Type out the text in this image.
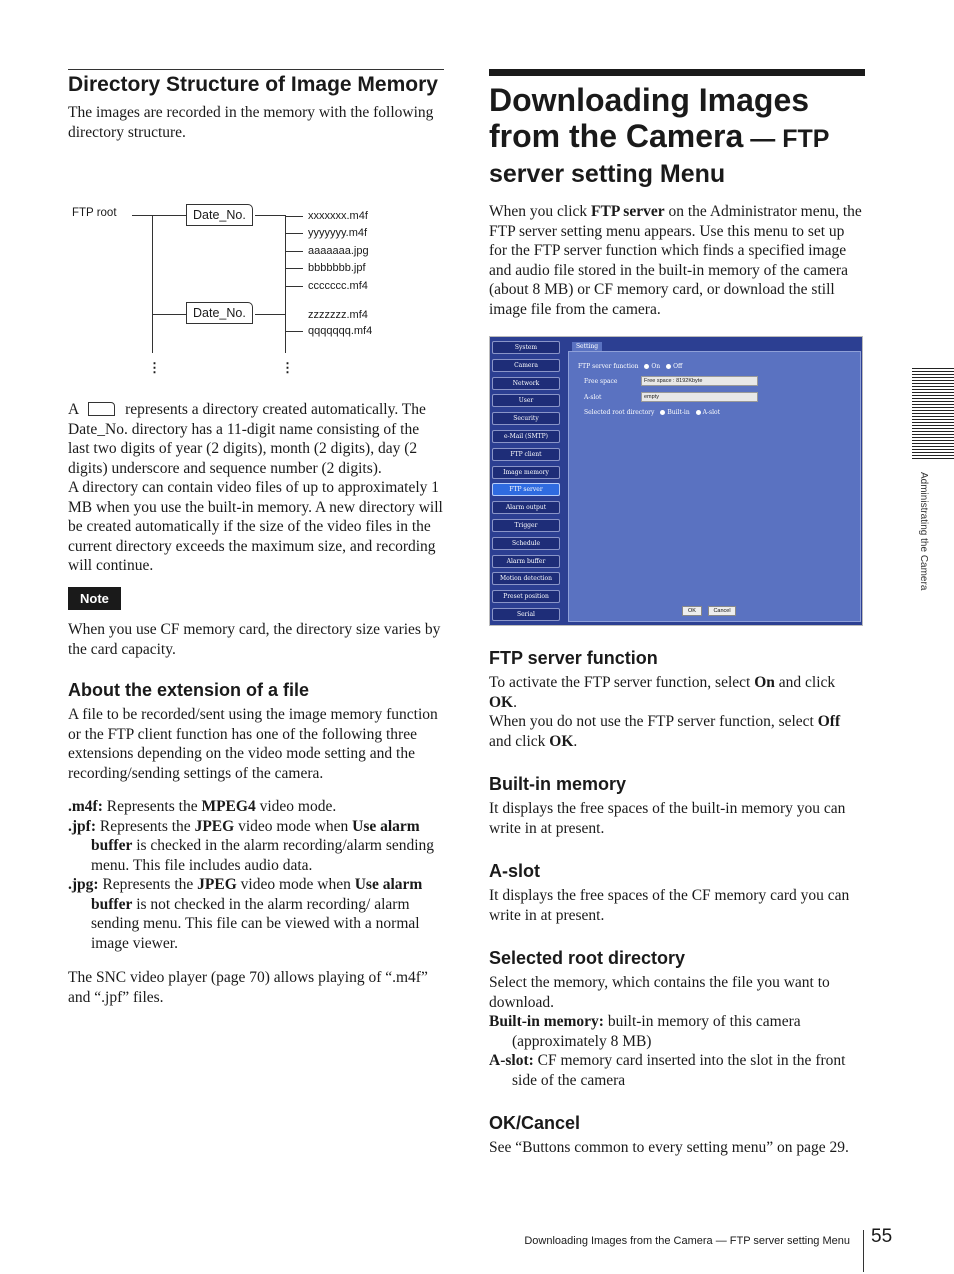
Directory Structure of Image Memory

The images are recorded in the memory with the following directory structure.

FTP root	Date_No.
Date_No.
xxxxxxx.m4f
yyyyyyy.m4f
aaaaaaa.jpg
bbbbbbb.jpf
ccccccc.mf4
zzzzzzz.mf4
qqqqqqq.mf4
⋮	⋮

A	represents a directory created automatically. The Date_No. directory has a 11-digit name consisting of the last two digits of year (2 digits), month (2 digits), day (2 digits) underscore and sequence number (2 digits).

A directory can contain video files of up to approximately 1 MB when you use the built-in memory. A new directory will be created automatically if the size of the video files in the current directory exceeds the maximum size, and recording will continue.

Note

When you use CF memory card, the directory size varies by the card capacity.

About the extension of a file

A file to be recorded/sent using the image memory function or the FTP client function has one of the following three extensions depending on the video mode setting and the recording/sending settings of the camera.

.m4f: Represents the MPEG4 video mode.

.jpf: Represents the JPEG video mode when Use alarm buffer is checked in the alarm recording/alarm sending menu. This file includes audio data.

.jpg: Represents the JPEG video mode when Use alarm buffer is not checked in the alarm recording/ alarm sending menu. This file can be viewed with a normal image viewer.

The SNC video player (page 70) allows playing of “.m4f” and “.jpf” files.

Downloading Images
from the Camera — FTP
server setting Menu

When you click FTP server on the Administrator menu, the FTP server setting menu appears. Use this menu to set up for the FTP server function which finds a specified image and audio file stored in the built-in memory of the camera (about 8 MB) or CF memory card, or download the still image file from the camera.

System
Camera
Network
User
Security
e-Mail (SMTP)
FTP client
Image memory
FTP server
Alarm output
Trigger
Schedule
Alarm buffer
Motion detection
Preset position
Serial
Setting
FTP server function On Off
Free space	Free space : 8192Kbyte
A-slot	empty
Selected root directory Built-in A-slot
OK	Cancel
FTP server function

To activate the FTP server function, select On and click OK.
When you do not use the FTP server function, select Off and click OK.

Built-in memory

It displays the free spaces of the built-in memory you can write in at present.

A-slot

It displays the free spaces of the CF memory card you can write in at present.

Selected root directory

Select the memory, which contains the file you want to download.

Built-in memory: built-in memory of this camera (approximately 8 MB)

A-slot: CF memory card inserted into the slot in the front side of the camera

OK/Cancel

See “Buttons common to every setting menu” on page 29.

Administrating the Camera
Downloading Images from the Camera — FTP server setting Menu 55
